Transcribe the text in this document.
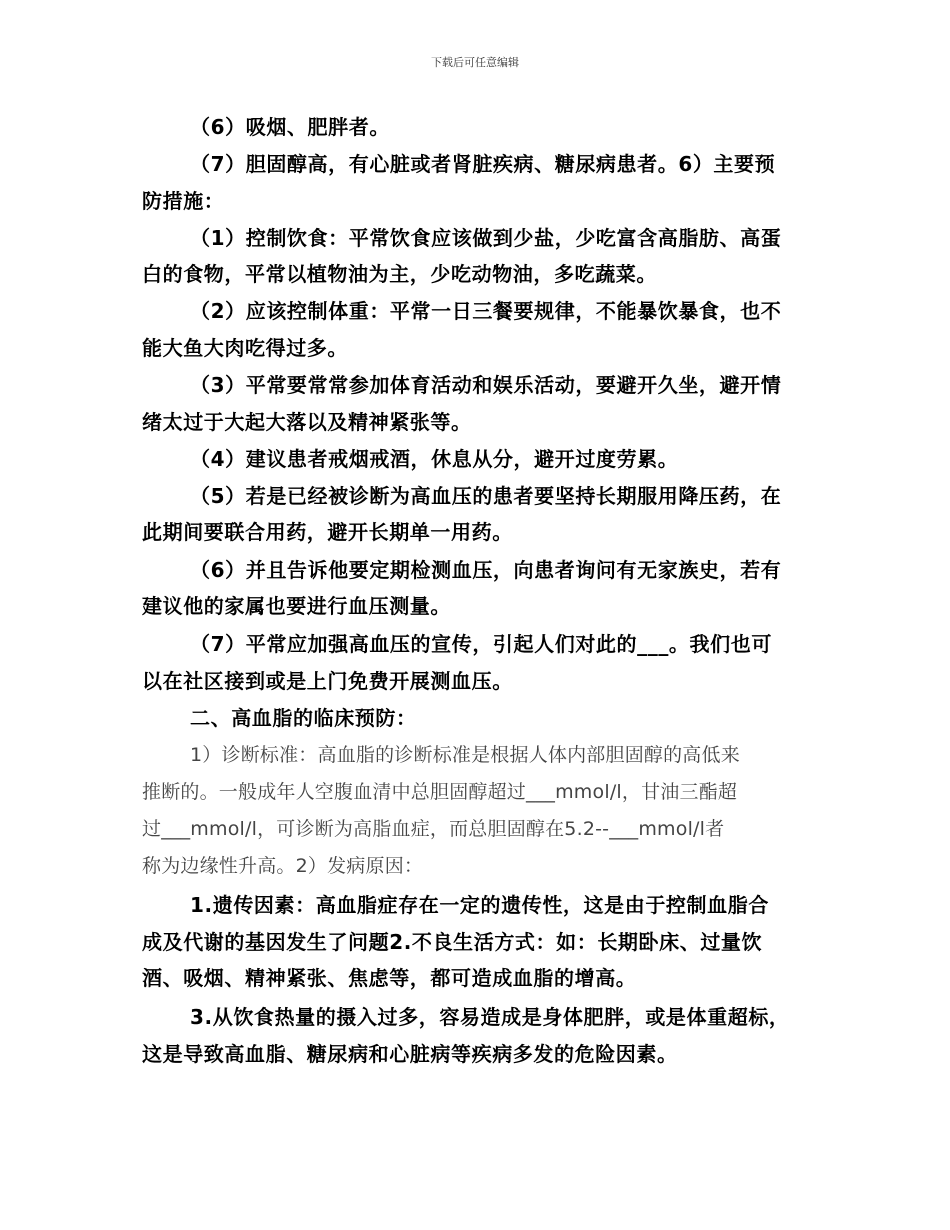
下载后可任意编辑
（6）吸烟、肥胖者。
（7）胆固醇高，有心脏或者肾脏疾病、糖尿病患者。6）主要预
防措施：
（1）控制饮食：平常饮食应该做到少盐，少吃富含高脂肪、高蛋
白的食物，平常以植物油为主，少吃动物油，多吃蔬菜。
（2）应该控制体重：平常一日三餐要规律，不能暴饮暴食，也不
能大鱼大肉吃得过多。
（3）平常要常常参加体育活动和娱乐活动，要避开久坐，避开情
绪太过于大起大落以及精神紧张等。
（4）建议患者戒烟戒酒，休息从分，避开过度劳累。
（5）若是已经被诊断为高血压的患者要坚持长期服用降压药，在
此期间要联合用药，避开长期单一用药。
（6）并且告诉他要定期检测血压，向患者询问有无家族史，若有
建议他的家属也要进行血压测量。
（7）平常应加强高血压的宣传，引起人们对此的___。我们也可
以在社区接到或是上门免费开展测血压。
二、高血脂的临床预防：
1）诊断标准：高血脂的诊断标准是根据人体内部胆固醇的高低来
推断的。一般成年人空腹血清中总胆固醇超过___mmol/l，甘油三酯超
过___mmol/l，可诊断为高脂血症，而总胆固醇在5.2--___mmol/l者
称为边缘性升高。2）发病原因：
1.遗传因素：高血脂症存在一定的遗传性，这是由于控制血脂合
成及代谢的基因发生了问题2.不良生活方式：如：长期卧床、过量饮
酒、吸烟、精神紧张、焦虑等，都可造成血脂的增高。
3.从饮食热量的摄入过多，容易造成是身体肥胖，或是体重超标，
这是导致高血脂、糖尿病和心脏病等疾病多发的危险因素。
